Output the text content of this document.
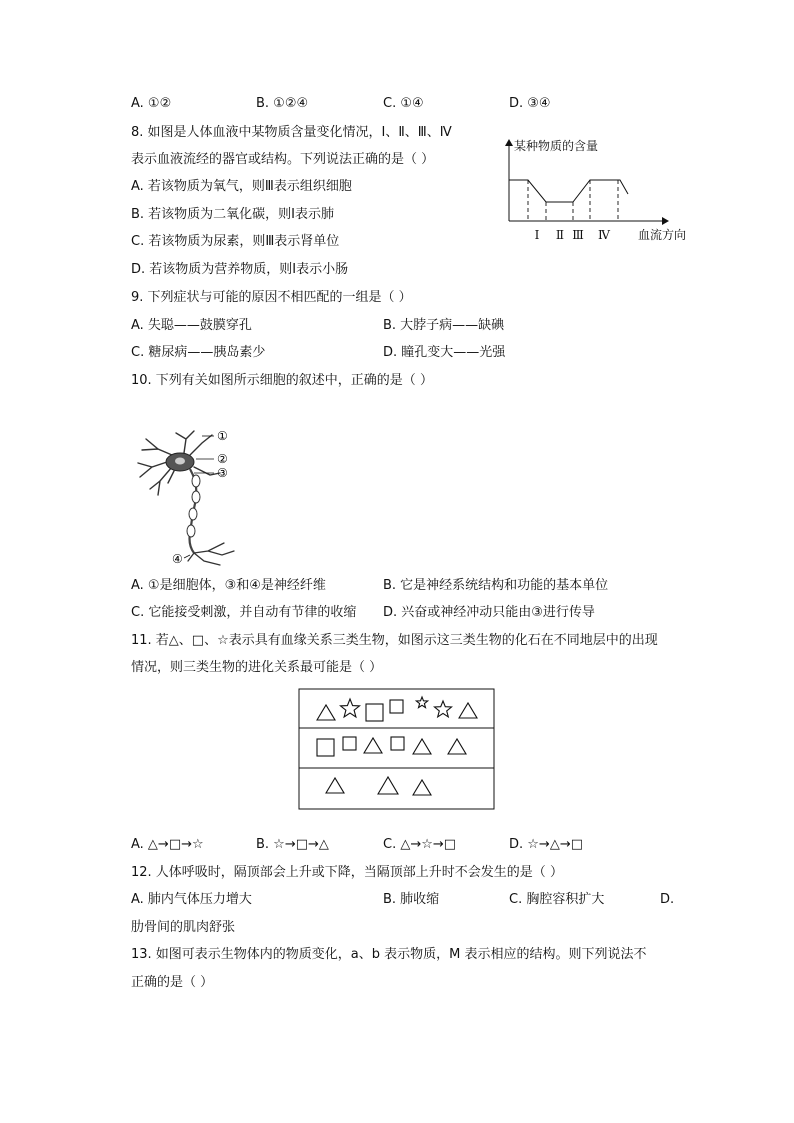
A. ①②	B. ①②④	C. ①④	D. ③④
8. 如图是人体血液中某物质含量变化情况，Ⅰ、Ⅱ、Ⅲ、Ⅳ
表示血液流经的器官或结构。下列说法正确的是（ ）
A. 若该物质为氧气，则Ⅲ表示组织细胞
B. 若该物质为二氧化碳，则Ⅰ表示肺
C. 若该物质为尿素，则Ⅲ表示肾单位
D. 若该物质为营养物质，则Ⅰ表示小肠
某种物质的含量
Ⅰ Ⅱ Ⅲ Ⅳ 血流方向
9. 下列症状与可能的原因不相匹配的一组是（ ）
A. 失聪——鼓膜穿孔	B. 大脖子病——缺碘
C. 糖尿病——胰岛素少	D. 瞳孔变大——光强
10. 下列有关如图所示细胞的叙述中，正确的是（ ）
①
②
③
④
A. ①是细胞体，③和④是神经纤维	B. 它是神经系统结构和功能的基本单位
C. 它能接受刺激，并自动有节律的收缩 D. 兴奋或神经冲动只能由③进行传导
11. 若△、□、☆表示具有血缘关系三类生物，如图示这三类生物的化石在不同地层中的出现
情况，则三类生物的进化关系最可能是（ ）
A. △→□→☆	B. ☆→□→△	C. △→☆→□	D. ☆→△→□
12. 人体呼吸时，隔顶部会上升或下降，当隔顶部上升时不会发生的是（ ）
A. 肺内气体压力增大	B. 肺收缩	C. 胸腔容积扩大	D.
肋骨间的肌肉舒张
13. 如图可表示生物体内的物质变化，a、b 表示物质，M 表示相应的结构。则下列说法不
正确的是（ ）
